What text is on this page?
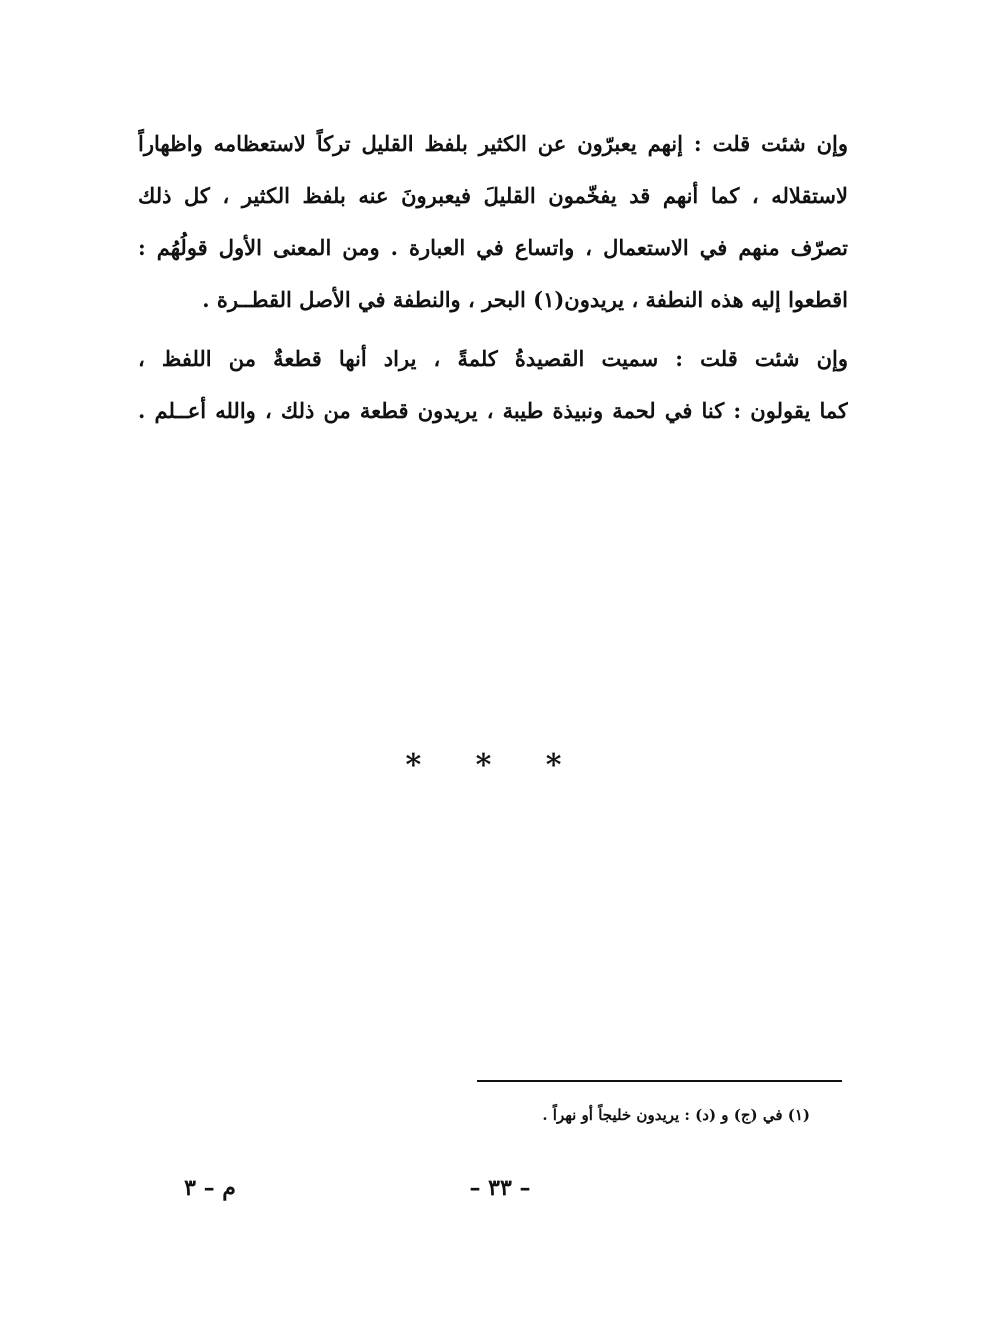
وإن شئت قلت : إنهم يعبرّون عن الكثير بلفظ القليل تركاً لاستعظامه واظهاراً
لاستقلاله ، كما أنهم قد يفخّمون القليلَ فيعبرونَ عنه بلفظ الكثير ، كل ذلك
تصرّف منهم في الاستعمال ، واتساع في العبارة . ومن المعنى الأول قولُهُم :
اقطعوا إليه هذه النطفة ، يريدون(١) البحر ، والنطفة في الأصل القطــرة .
وإن شئت قلت : سميت القصيدةُ كلمةً ، يراد أنها قطعةٌ من اللفظ ،
كما يقولون : كنا في لحمة ونبيذة طيبة ، يريدون قطعة من ذلك ، والله أعــلم .
* * *
(١) في (ج) و (د) : يريدون خليجاً أو نهراً .
– ٣٣ –
م – ٣
